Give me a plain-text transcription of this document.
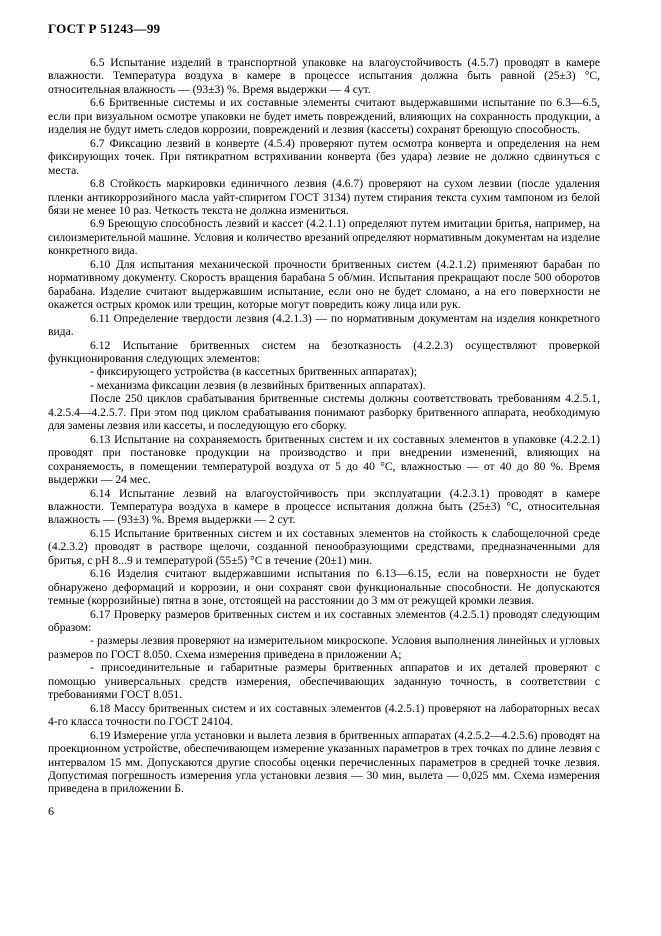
ГОСТ Р 51243—99

6.5 Испытание изделий в транспортной упаковке на влагоустойчивость (4.5.7) проводят в камере влажности. Температура воздуха в камере в процессе испытания должна быть равной (25±3) °С, относительная влажность — (93±3) %. Время выдержки — 4 сут.

6.6 Бритвенные системы и их составные элементы считают выдержавшими испытание по 6.3—6.5, если при визуальном осмотре упаковки не будет иметь повреждений, влияющих на сохранность продукции, а изделия не будут иметь следов коррозии, повреждений и лезвия (кассеты) сохранят бреющую способность.

6.7 Фиксацию лезвий в конверте (4.5.4) проверяют путем осмотра конверта и определения на нем фиксирующих точек. При пятикратном встряхивании конверта (без удара) лезвие не должно сдвинуться с места.

6.8 Стойкость маркировки единичного лезвия (4.6.7) проверяют на сухом лезвии (после удаления пленки антикоррозийного масла уайт-спиритом ГОСТ 3134) путем стирания текста сухим тампоном из белой бязи не менее 10 раз. Четкость текста не должна измениться.

6.9 Бреющую способность лезвий и кассет (4.2.1.1) определяют путем имитации бритья, например, на силоизмерительной машине. Условия и количество врезаний определяют нормативным документам на изделие конкретного вида.

6.10 Для испытания механической прочности бритвенных систем (4.2.1.2) применяют барабан по нормативному документу. Скорость вращения барабана 5 об/мин. Испытания прекращают после 500 оборотов барабана. Изделие считают выдержавшим испытание, если оно не будет сломано, а на его поверхности не окажется острых кромок или трещин, которые могут повредить кожу лица или рук.

6.11 Определение твердости лезвия (4.2.1.3) — по нормативным документам на изделия конкретного вида.

6.12 Испытание бритвенных систем на безотказность (4.2.2.3) осуществляют проверкой функционирования следующих элементов:

- фиксирующего устройства (в кассетных бритвенных аппаратах);

- механизма фиксации лезвия (в лезвийных бритвенных аппаратах).

После 250 циклов срабатывания бритвенные системы должны соответствовать требованиям 4.2.5.1, 4.2.5.4—4.2.5.7. При этом под циклом срабатывания понимают разборку бритвенного аппарата, необходимую для замены лезвия или кассеты, и последующую его сборку.

6.13 Испытание на сохраняемость бритвенных систем и их составных элементов в упаковке (4.2.2.1) проводят при постановке продукции на производство и при внедрении изменений, влияющих на сохраняемость, в помещении температурой воздуха от 5 до 40 °С, влажностью — от 40 до 80 %. Время выдержки — 24 мес.

6.14 Испытание лезвий на влагоустойчивость при эксплуатации (4.2.3.1) проводят в камере влажности. Температура воздуха в камере в процессе испытания должна быть (25±3) °С, относительная влажность — (93±3) %. Время выдержки — 2 сут.

6.15 Испытание бритвенных систем и их составных элементов на стойкость к слабощелочной среде (4.2.3.2) проводят в растворе щелочи, созданной пенообразующими средствами, предназначенными для бритья, с рН 8...9 и температурой (55±5) °С в течение (20±1) мин.

6.16 Изделия считают выдержавшими испытания по 6.13—6.15, если на поверхности не будет обнаружено деформаций и коррозии, и они сохранят свои функциональные способности. Не допускаются темные (коррозийные) пятна в зоне, отстоящей на расстоянии до 3 мм от режущей кромки лезвия.

6.17 Проверку размеров бритвенных систем и их составных элементов (4.2.5.1) проводят следующим образом:

- размеры лезвия проверяют на измерительном микроскопе. Условия выполнения линейных и угловых размеров по ГОСТ 8.050. Схема измерения приведена в приложении А;

- присоединительные и габаритные размеры бритвенных аппаратов и их деталей проверяют с помощью универсальных средств измерения, обеспечивающих заданную точность, в соответствии с требованиями ГОСТ 8.051.

6.18 Массу бритвенных систем и их составных элементов (4.2.5.1) проверяют на лабораторных весах 4-го класса точности по ГОСТ 24104.

6.19 Измерение угла установки и вылета лезвия в бритвенных аппаратах (4.2.5.2—4.2.5.6) проводят на проекционном устройстве, обеспечивающем измерение указанных параметров в трех точках по длине лезвия с интервалом 15 мм. Допускаются другие способы оценки перечисленных параметров в средней точке лезвия. Допустимая погрешность измерения угла установки лезвия — 30 мин, вылета — 0,025 мм. Схема измерения приведена в приложении Б.

6
